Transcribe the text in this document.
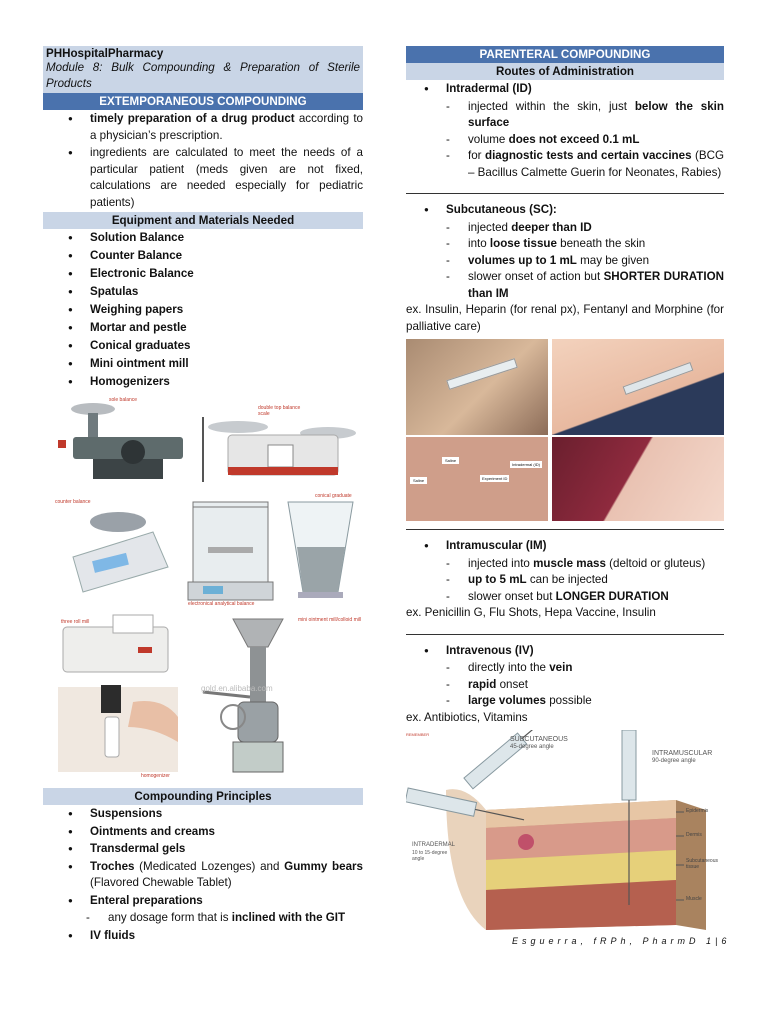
PHHospitalPharmacy
Module 8: Bulk Compounding & Preparation of Sterile Products
EXTEMPORANEOUS COMPOUNDING
● timely preparation of a drug product according to a physician’s prescription.
● ingredients are calculated to meet the needs of a particular patient (meds given are not fixed, calculations are needed especially for pediatric patients)
Equipment and Materials Needed
● Solution Balance
● Counter Balance
● Electronic Balance
● Spatulas
● Weighing papers
● Mortar and pestle
● Conical graduates
● Mini ointment mill
● Homogenizers
sole balance
double top balance scale
counter balance
conical graduate
electronical analytical balance
three roll mill	mini ointment mill/colloid mill
gold.en.alibaba.com
homogenizer
Compounding Principles
● Suspensions
● Ointments and creams
● Transdermal gels
● Troches (Medicated Lozenges) and Gummy bears (Flavored Chewable Tablet)
● Enteral preparations
- any dosage form that is inclined with the GIT
● IV fluids
PARENTERAL COMPOUNDING
Routes of Administration
● Intradermal (ID)
- injected within the skin, just below the skin surface
- volume does not exceed 0.1 mL
- for diagnostic tests and certain vaccines (BCG – Bacillus Calmette Guerin for Neonates, Rabies)
● Subcutaneous (SC):
- injected deeper than ID
- into loose tissue beneath the skin
- volumes up to 1 mL may be given
- slower onset of action but SHORTER DURATION than IM
ex. Insulin, Heparin (for renal px), Fentanyl and Morphine (for palliative care)
Saline
Intradermal (ID)
Saline	Experiment ID
● Intramuscular (IM)
- injected into muscle mass (deltoid or gluteus)
- up to 5 mL can be injected
- slower onset but LONGER DURATION
ex. Penicillin G, Flu Shots, Hepa Vaccine, Insulin
● Intravenous (IV)
- directly into the vein
- rapid onset
- large volumes possible
ex. Antibiotics, Vitamins
REMEMBER
SUBCUTANEOUS
45-degree angle
INTRAMUSCULAR
90-degree angle
INTRADERMAL
10 to 15-degree angle
Epidermis
Dermis
Subcutaneous tissue
Muscle
Esguerra, fRPh, PharmD 1|6
